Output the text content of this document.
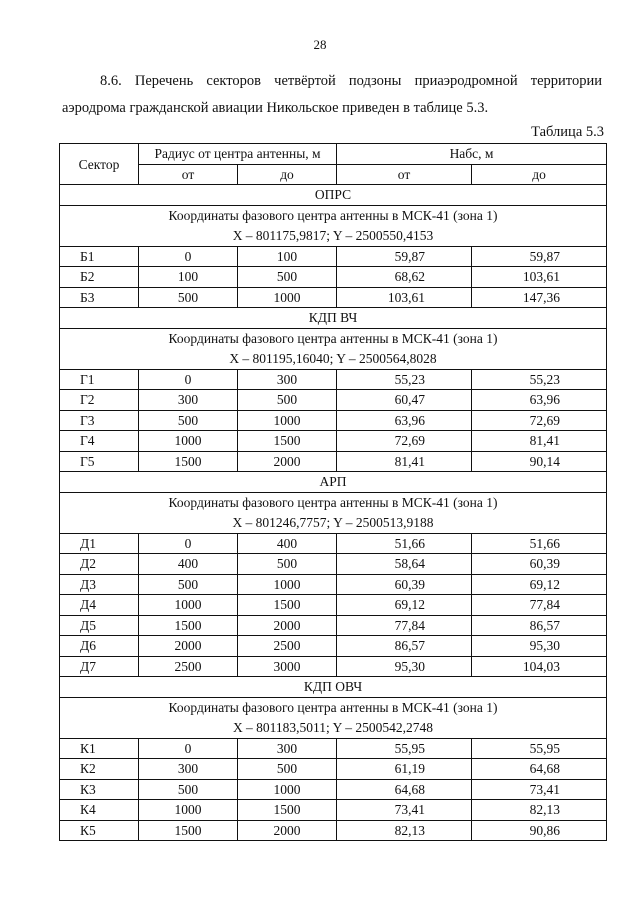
28
8.6. Перечень секторов четвёртой подзоны приаэродромной территории
аэродрома гражданской авиации Никольское приведен в таблице 5.3.
Таблица 5.3
Сектор	Радиус от центра антенны, м		Набс, м	
	от	до	от	до
ОПРС				

Координаты фазового центра антенны в МСК-41 (зона 1)
X – 801175,9817; Y – 2500550,4153				

Б1	0	100	59,87	59,87
Б2	100	500	68,62	103,61
Б3	500	1000	103,61	147,36
КДП ВЧ				

Координаты фазового центра антенны в МСК-41 (зона 1)
X – 801195,16040; Y – 2500564,8028				

Г1	0	300	55,23	55,23
Г2	300	500	60,47	63,96
Г3	500	1000	63,96	72,69
Г4	1000	1500	72,69	81,41
Г5	1500	2000	81,41	90,14
АРП				

Координаты фазового центра антенны в МСК-41 (зона 1)
X – 801246,7757; Y – 2500513,9188				

Д1	0	400	51,66	51,66
Д2	400	500	58,64	60,39
Д3	500	1000	60,39	69,12
Д4	1000	1500	69,12	77,84
Д5	1500	2000	77,84	86,57
Д6	2000	2500	86,57	95,30
Д7	2500	3000	95,30	104,03
КДП ОВЧ				

Координаты фазового центра антенны в МСК-41 (зона 1)
X – 801183,5011; Y – 2500542,2748				

К1	0	300	55,95	55,95
К2	300	500	61,19	64,68
К3	500	1000	64,68	73,41
К4	1000	1500	73,41	82,13
К5	1500	2000	82,13	90,86
